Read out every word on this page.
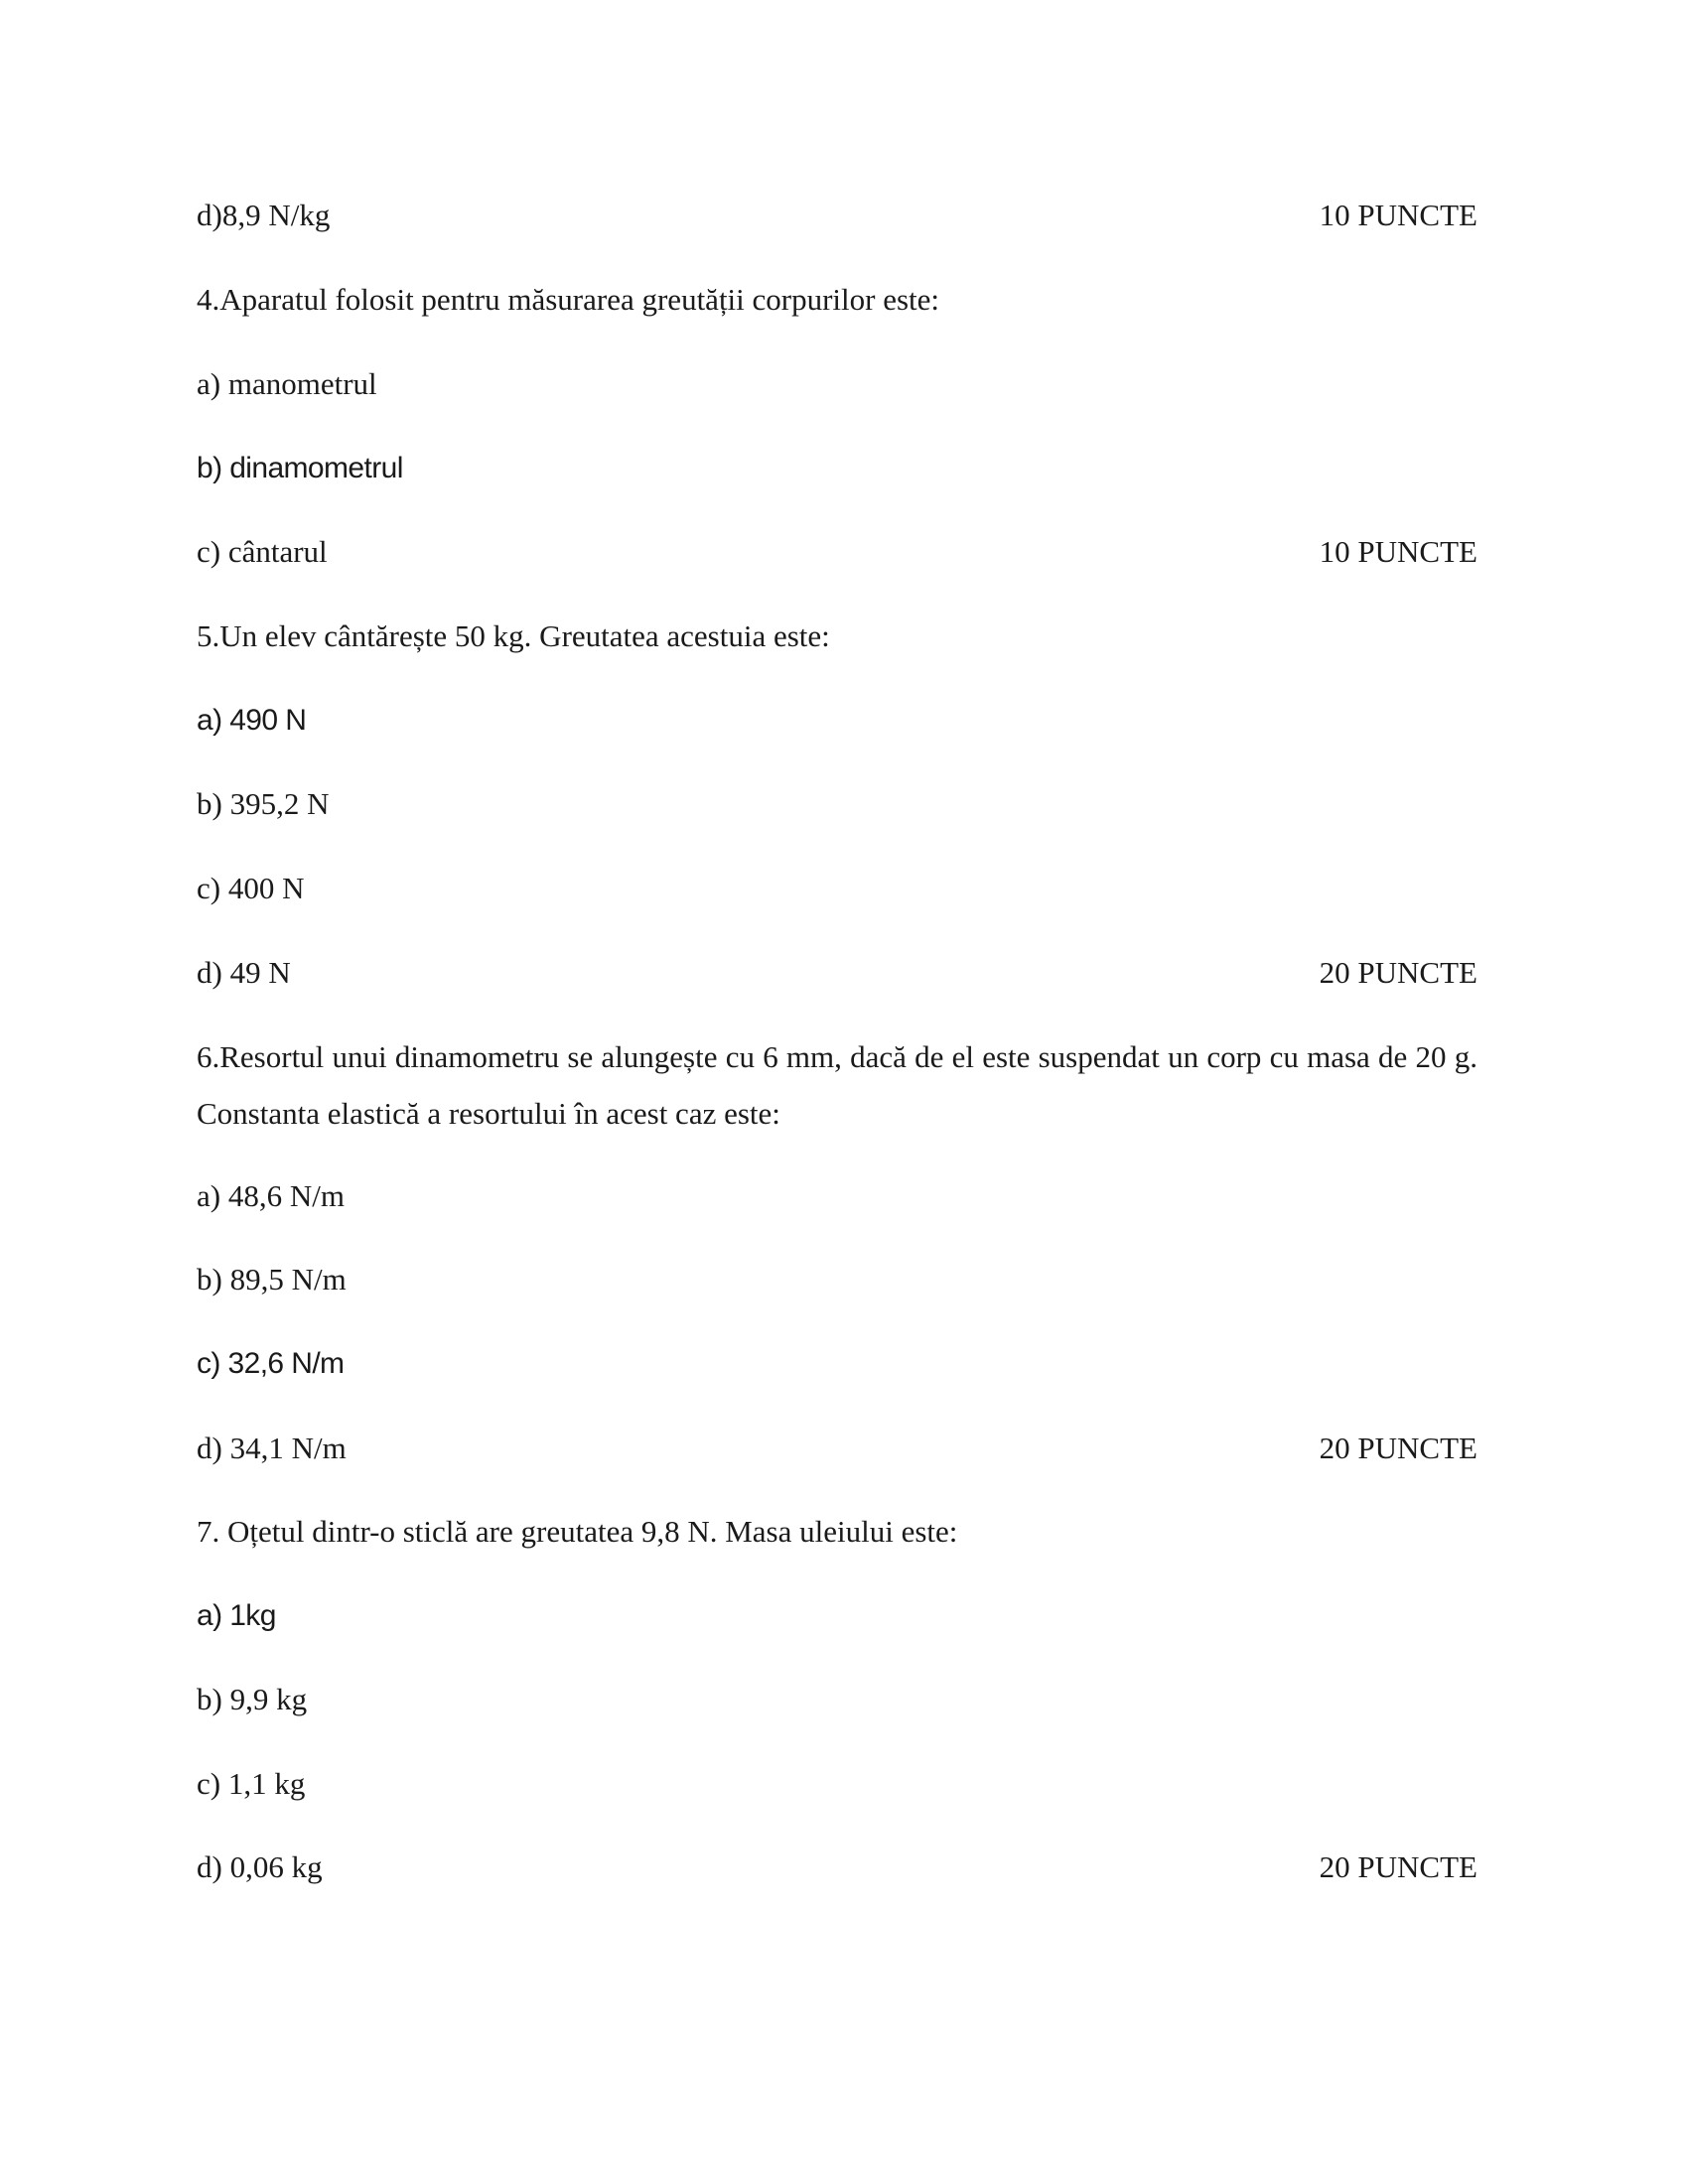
d)8,9 N/kg	10 PUNCTE
4.Aparatul folosit pentru măsurarea greutății corpurilor este:
a) manometrul
b) dinamometrul
c) cântarul	10 PUNCTE
5.Un elev cântărește 50 kg. Greutatea acestuia este:
a) 490 N
b) 395,2 N
c) 400 N
d) 49 N	20 PUNCTE
6.Resortul unui dinamometru se alungește cu 6 mm, dacă de el este suspendat un corp cu masa de 20 g. Constanta elastică a resortului în acest caz este:
a) 48,6 N/m
b) 89,5 N/m
c) 32,6 N/m
d) 34,1 N/m	20 PUNCTE
7. Oțetul dintr-o sticlă are greutatea 9,8 N. Masa uleiului este:
a) 1kg
b) 9,9 kg
c) 1,1 kg
d) 0,06 kg	20 PUNCTE
